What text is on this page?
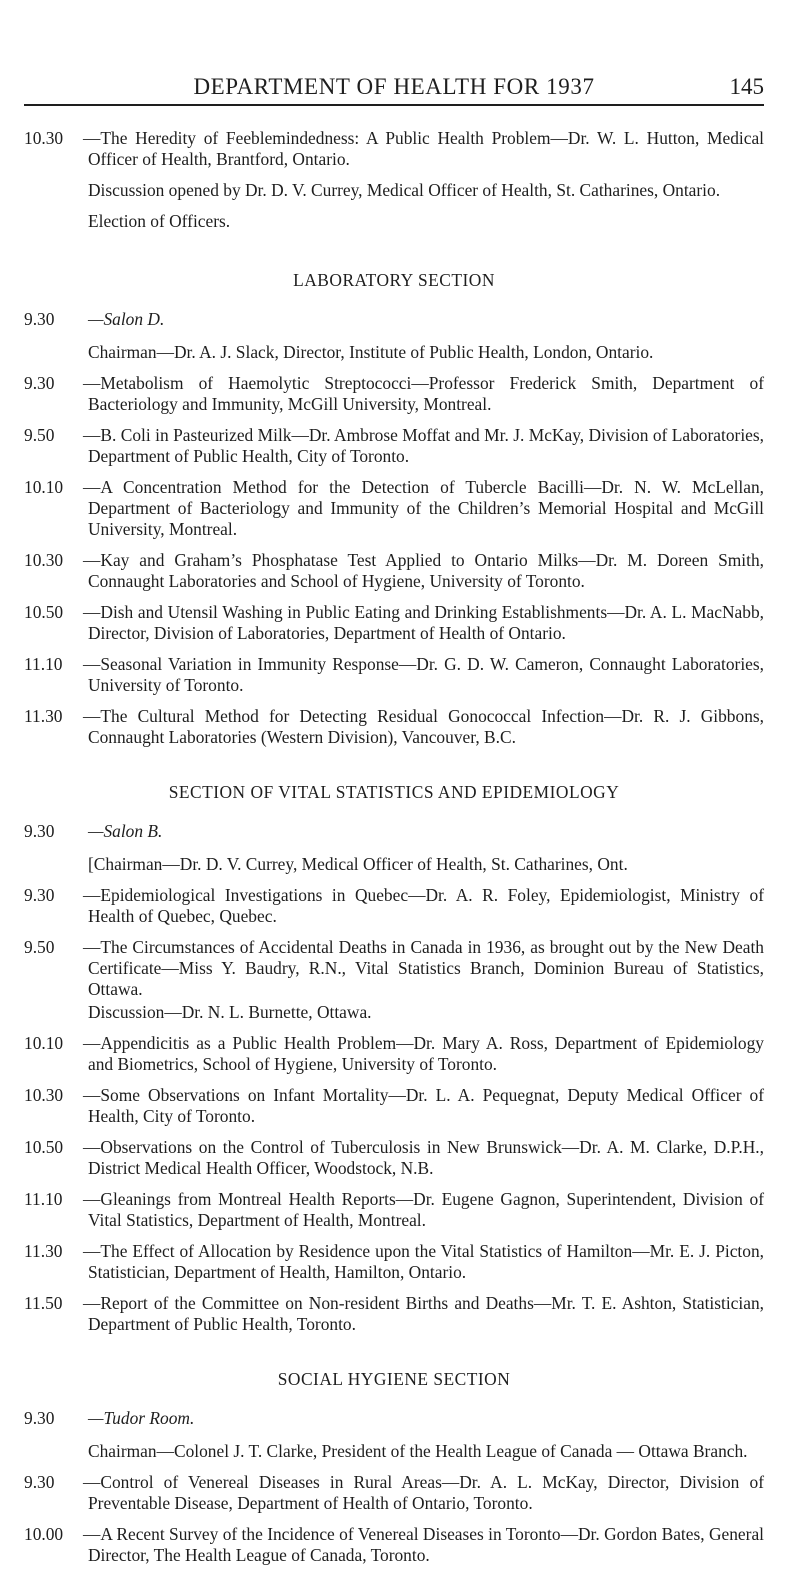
DEPARTMENT OF HEALTH FOR 1937	145
10.30 —The Heredity of Feeblemindedness: A Public Health Problem—Dr. W. L. Hutton, Medical Officer of Health, Brantford, Ontario.
Discussion opened by Dr. D. V. Currey, Medical Officer of Health, St. Catharines, Ontario.
Election of Officers.
LABORATORY SECTION
9.30 —Salon D.
Chairman—Dr. A. J. Slack, Director, Institute of Public Health, London, Ontario.
9.30 —Metabolism of Haemolytic Streptococci—Professor Frederick Smith, Department of Bacteriology and Immunity, McGill University, Montreal.
9.50 —B. Coli in Pasteurized Milk—Dr. Ambrose Moffat and Mr. J. McKay, Division of Laboratories, Department of Public Health, City of Toronto.
10.10 —A Concentration Method for the Detection of Tubercle Bacilli—Dr. N. W. McLellan, Department of Bacteriology and Immunity of the Children’s Memorial Hospital and McGill University, Montreal.
10.30 —Kay and Graham’s Phosphatase Test Applied to Ontario Milks—Dr. M. Doreen Smith, Connaught Laboratories and School of Hygiene, University of Toronto.
10.50 —Dish and Utensil Washing in Public Eating and Drinking Establishments—Dr. A. L. MacNabb, Director, Division of Laboratories, Department of Health of Ontario.
11.10 —Seasonal Variation in Immunity Response—Dr. G. D. W. Cameron, Connaught Laboratories, University of Toronto.
11.30 —The Cultural Method for Detecting Residual Gonococcal Infection—Dr. R. J. Gibbons, Connaught Laboratories (Western Division), Vancouver, B.C.
SECTION OF VITAL STATISTICS AND EPIDEMIOLOGY
9.30 —Salon B.
[Chairman—Dr. D. V. Currey, Medical Officer of Health, St. Catharines, Ont.
9.30 —Epidemiological Investigations in Quebec—Dr. A. R. Foley, Epidemiologist, Ministry of Health of Quebec, Quebec.
9.50 —The Circumstances of Accidental Deaths in Canada in 1936, as brought out by the New Death Certificate—Miss Y. Baudry, R.N., Vital Statistics Branch, Dominion Bureau of Statistics, Ottawa.
Discussion—Dr. N. L. Burnette, Ottawa.
10.10 —Appendicitis as a Public Health Problem—Dr. Mary A. Ross, Department of Epidemiology and Biometrics, School of Hygiene, University of Toronto.
10.30 —Some Observations on Infant Mortality—Dr. L. A. Pequegnat, Deputy Medical Officer of Health, City of Toronto.
10.50 —Observations on the Control of Tuberculosis in New Brunswick—Dr. A. M. Clarke, D.P.H., District Medical Health Officer, Woodstock, N.B.
11.10 —Gleanings from Montreal Health Reports—Dr. Eugene Gagnon, Superintendent, Division of Vital Statistics, Department of Health, Montreal.
11.30 —The Effect of Allocation by Residence upon the Vital Statistics of Hamilton—Mr. E. J. Picton, Statistician, Department of Health, Hamilton, Ontario.
11.50 —Report of the Committee on Non-resident Births and Deaths—Mr. T. E. Ashton, Statistician, Department of Public Health, Toronto.
SOCIAL HYGIENE SECTION
9.30 —Tudor Room.
Chairman—Colonel J. T. Clarke, President of the Health League of Canada — Ottawa Branch.
9.30 —Control of Venereal Diseases in Rural Areas—Dr. A. L. McKay, Director, Division of Preventable Disease, Department of Health of Ontario, Toronto.
10.00 —A Recent Survey of the Incidence of Venereal Diseases in Toronto—Dr. Gordon Bates, General Director, The Health League of Canada, Toronto.
